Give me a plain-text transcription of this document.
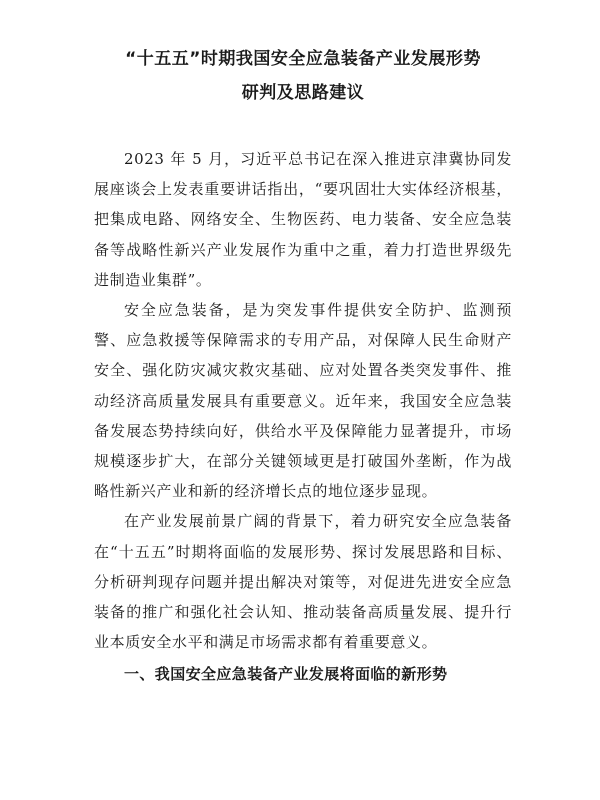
“十五五”时期我国安全应急装备产业发展形势
研判及思路建议

2023 年 5 月，习近平总书记在深入推进京津冀协同发展座谈会上发表重要讲话指出，“要巩固壮大实体经济根基，把集成电路、网络安全、生物医药、电力装备、安全应急装备等战略性新兴产业发展作为重中之重，着力打造世界级先进制造业集群”。

安全应急装备，是为突发事件提供安全防护、监测预警、应急救援等保障需求的专用产品，对保障人民生命财产安全、强化防灾减灾救灾基础、应对处置各类突发事件、推动经济高质量发展具有重要意义。近年来，我国安全应急装备发展态势持续向好，供给水平及保障能力显著提升，市场规模逐步扩大，在部分关键领域更是打破国外垄断，作为战略性新兴产业和新的经济增长点的地位逐步显现。

在产业发展前景广阔的背景下，着力研究安全应急装备在“十五五”时期将面临的发展形势、探讨发展思路和目标、分析研判现存问题并提出解决对策等，对促进先进安全应急装备的推广和强化社会认知、推动装备高质量发展、提升行业本质安全水平和满足市场需求都有着重要意义。

一、我国安全应急装备产业发展将面临的新形势
